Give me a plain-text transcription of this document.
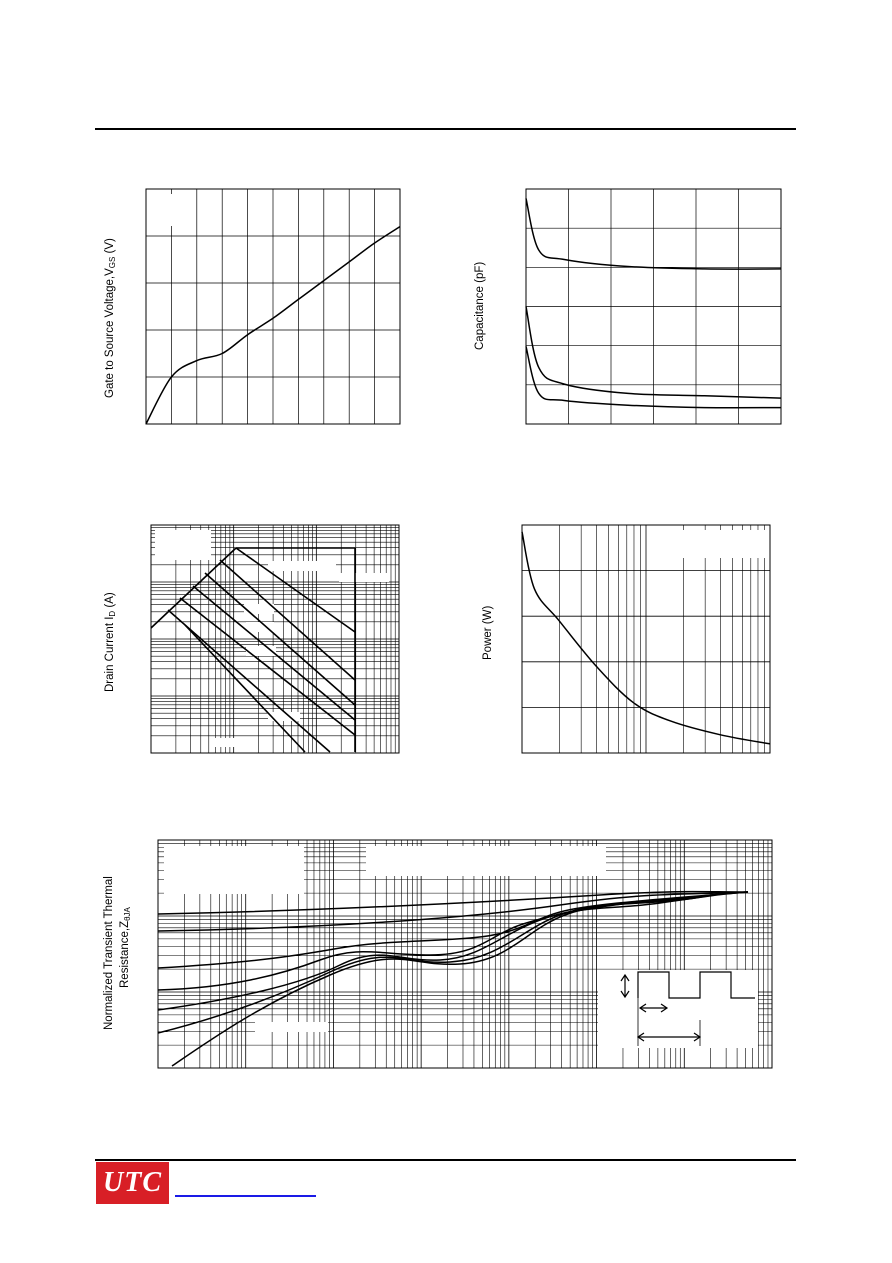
Gate to Source $Voltage,V_{GS}$ (V)
Capacitance (pF)
Drain Current $I_D$ (A)
Power (W)
Normalized Transient Thermal $Resistance,Z_{\theta JA}$
UTC
